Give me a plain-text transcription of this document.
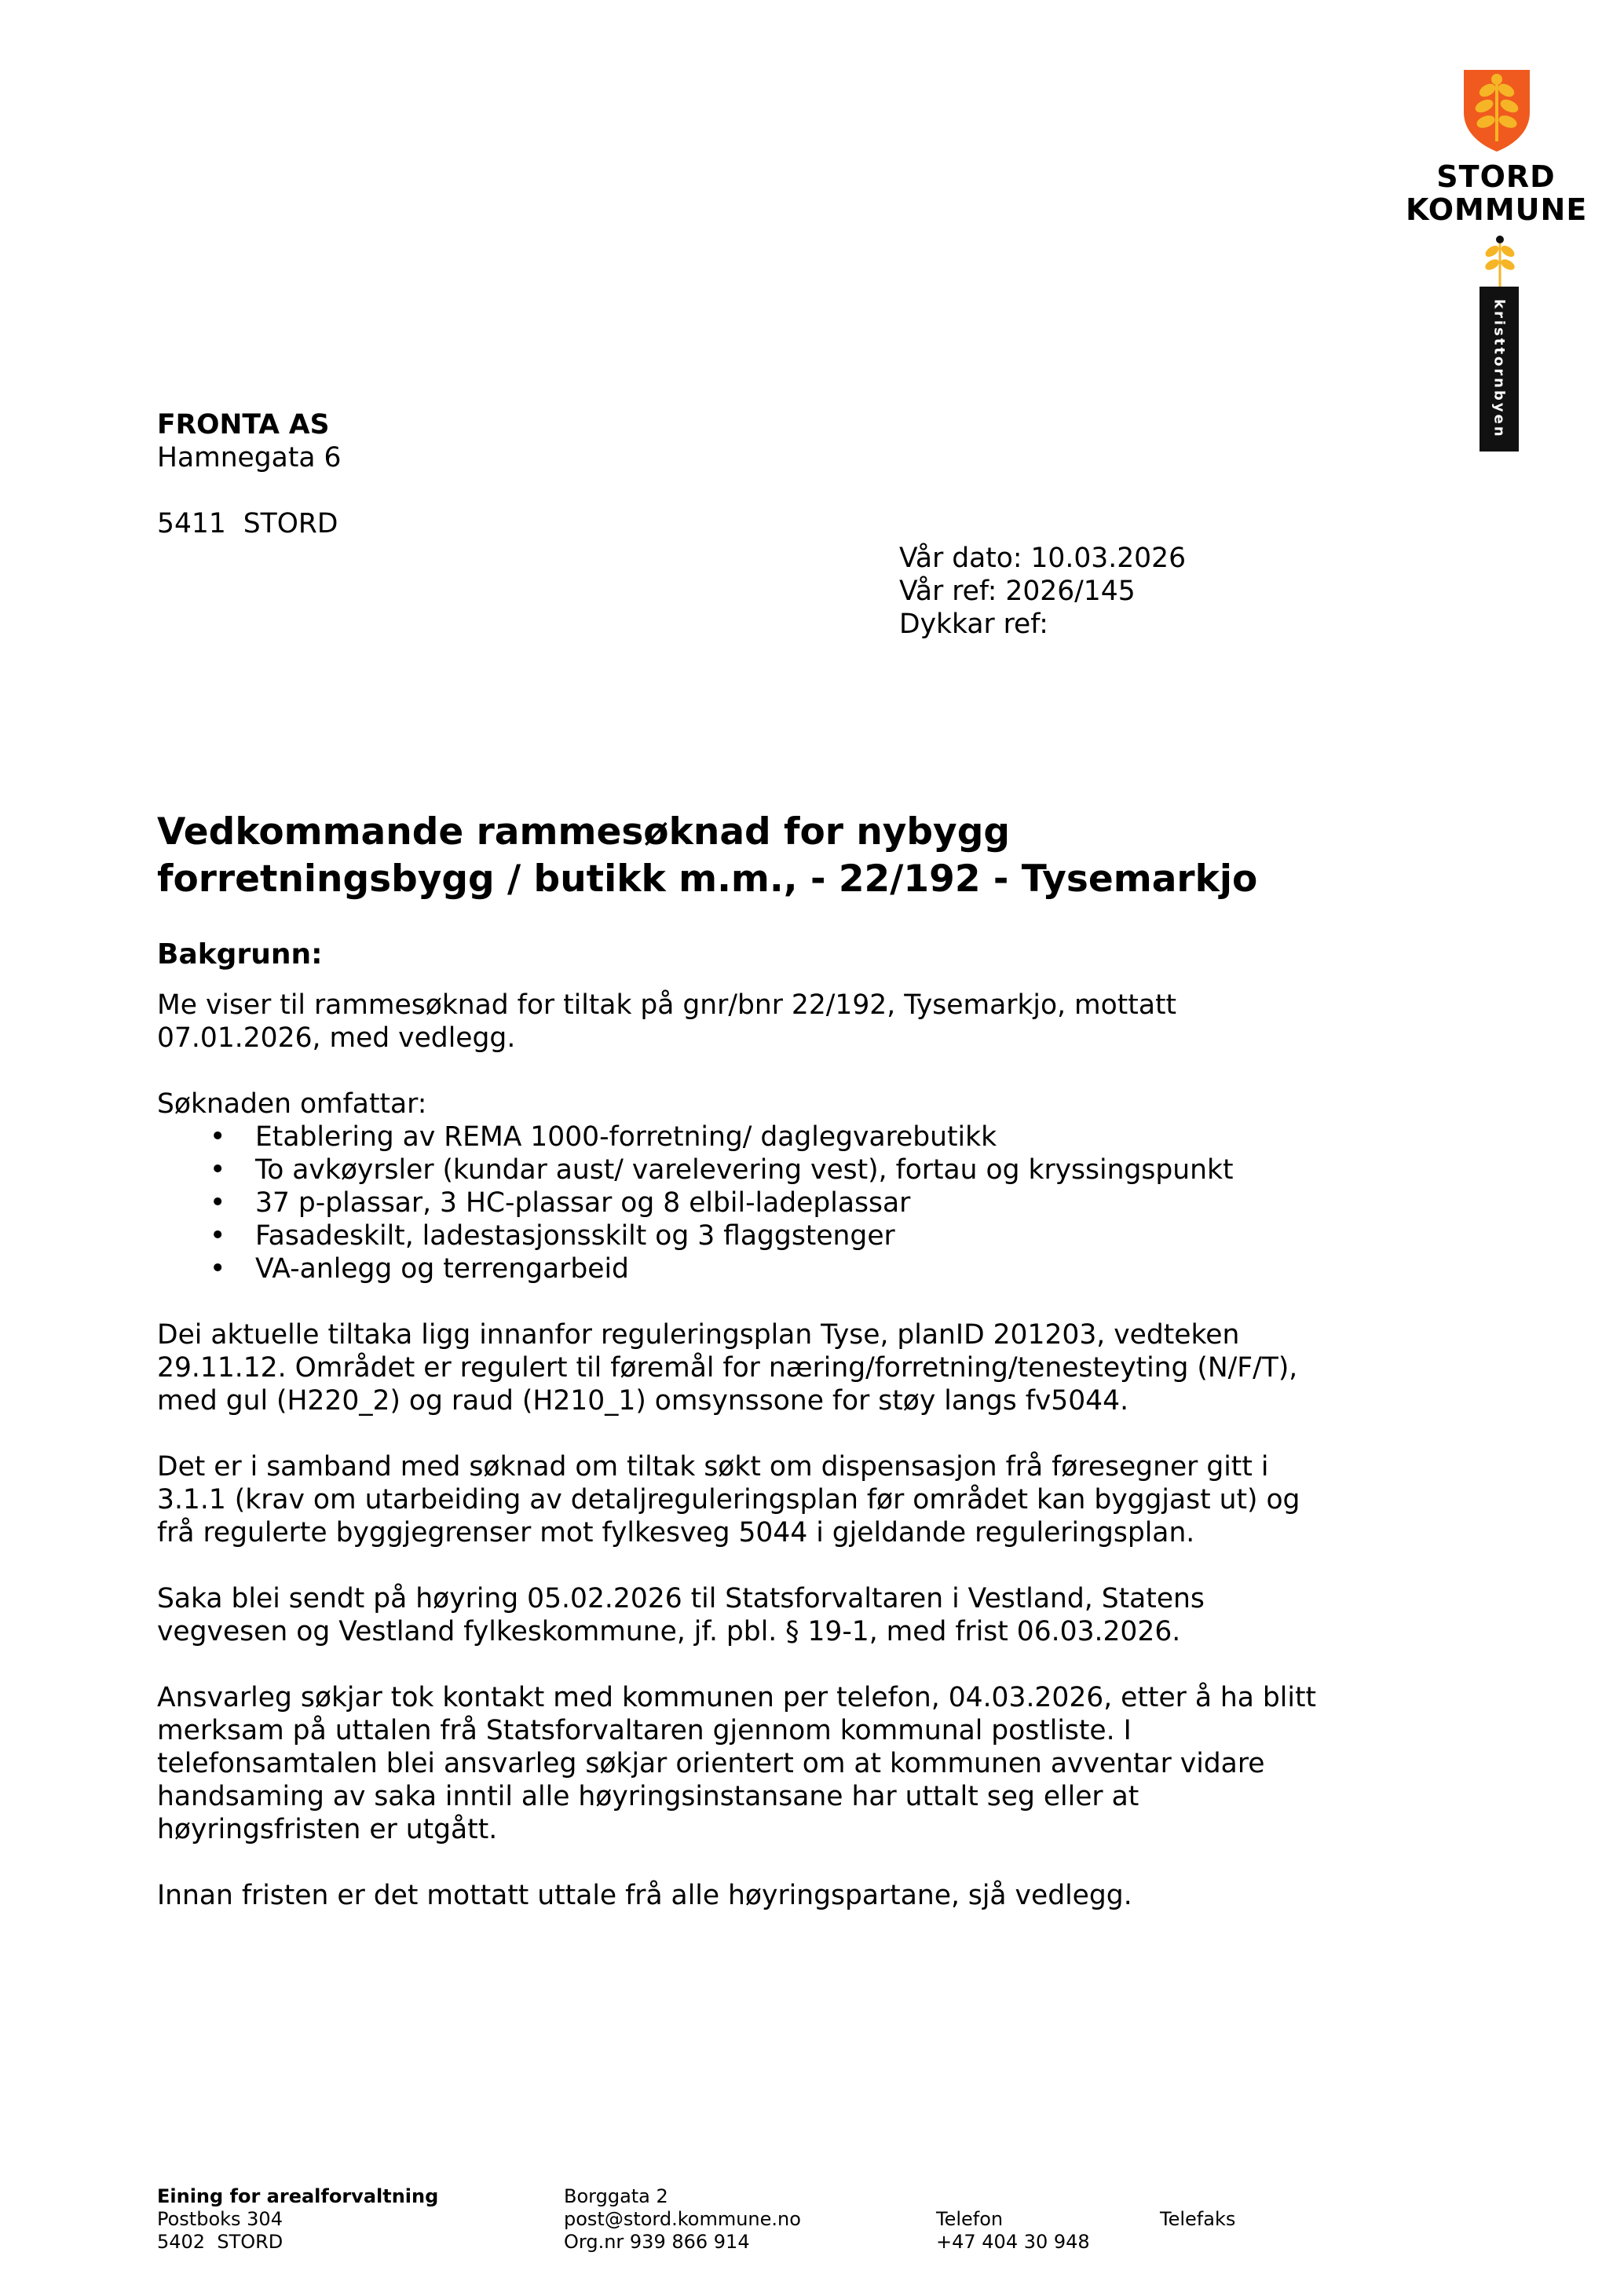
STORD
KOMMUNE
kristtornbyen
FRONTA AS
Hamnegata 6
5411  STORD
Vår dato: 10.03.2026
Vår ref: 2026/145
Dykkar ref:
Vedkommande rammesøknad for nybygg
forretningsbygg / butikk m.m., - 22/192 - Tysemarkjo
Bakgrunn:
Me viser til rammesøknad for tiltak på gnr/bnr 22/192, Tysemarkjo, mottatt
07.01.2026, med vedlegg.
Søknaden omfattar:
• Etablering av REMA 1000-forretning/ daglegvarebutikk
• To avkøyrsler (kundar aust/ varelevering vest), fortau og kryssingspunkt
• 37 p-plassar, 3 HC-plassar og 8 elbil-ladeplassar
• Fasadeskilt, ladestasjonsskilt og 3 flaggstenger
• VA-anlegg og terrengarbeid
Dei aktuelle tiltaka ligg innanfor reguleringsplan Tyse, planID 201203, vedteken
29.11.12. Området er regulert til føremål for næring/forretning/tenesteyting (N/F/T),
med gul (H220_2) og raud (H210_1) omsynssone for støy langs fv5044.
Det er i samband med søknad om tiltak søkt om dispensasjon frå føresegner gitt i
3.1.1 (krav om utarbeiding av detaljreguleringsplan før området kan byggjast ut) og
frå regulerte byggjegrenser mot fylkesveg 5044 i gjeldande reguleringsplan.
Saka blei sendt på høyring 05.02.2026 til Statsforvaltaren i Vestland, Statens
vegvesen og Vestland fylkeskommune, jf. pbl. § 19-1, med frist 06.03.2026.
Ansvarleg søkjar tok kontakt med kommunen per telefon, 04.03.2026, etter å ha blitt
merksam på uttalen frå Statsforvaltaren gjennom kommunal postliste. I
telefonsamtalen blei ansvarleg søkjar orientert om at kommunen avventar vidare
handsaming av saka inntil alle høyringsinstansane har uttalt seg eller at
høyringsfristen er utgått.
Innan fristen er det mottatt uttale frå alle høyringspartane, sjå vedlegg.
Eining for arealforvaltning
Postboks 304
5402  STORD
Borggata 2
post@stord.kommune.no
Org.nr 939 866 914
Telefon
+47 404 30 948
Telefaks
